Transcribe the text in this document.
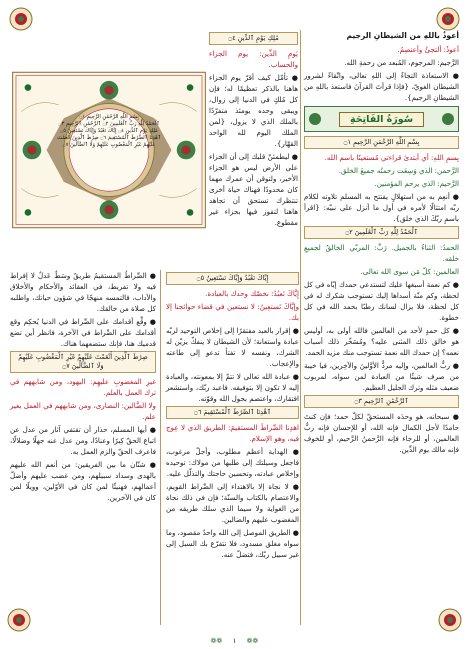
أعوذُ باللهِ من الشيطانِ الرجيم

أعوذُ: ألتجئُ وأعتصِمُ.

الرَّجيم: المرجوم، المُبعد من رحمةِ الله.

● الاستعاذة التجاءٌ إلى اللهِ تعالى، واتّقاءٌ لشرور الشيطان الغويّ، {فإذا قرأتَ القرآنَ فاستعذ باللهِ من الشيطانِ الرجيم}.

سُورَةُ الفَاتِحَةِ
بِسْمِ اللَّهِ الرَّحْمَنِ الرَّحِيمِ ۝١

بِسمِ اللهِ: أي أبتدئ قراءتي مُستعينًا باسم الله.

الرَّحمن: الذي وَسِعَت رحمتُه جميعَ الخلق.

الرَّحيم: الذي يرحم المؤمنين.

● أنعِم به من استهلالٍ يفتتح به المسلم تلاوته لكلام ربّه امتثالًا لأمره في أول ما أنزل على نبيّه: {اقرأ باسمِ ربّكَ الذي خلق}.

ٱلْحَمْدُ لِلَّهِ رَبِّ ٱلْعَٰلَمِينَ ۝٢

الحمدُ: الثناءُ بالجميل. رَبِّ: المربّي الخالقُ لجميعِ خلقه.

العالمين: كلّ مَن سوى الله تعالى.

● كم نعمة أسبغها عليك لتستدعي حمدك إيّاه في كل لحظة، وكم منّة أسداها إليك تستوجب شكرك له في كل لحظة، فلا يزال لسانك رطبًا بحمد الله في كل خطوة.

● كل حمدٍ لأحد من العالمين فالله أولى به، أوليس هو خالق ذلك المثنى عليه؟ ومُسَخّر ذلك أسباب نعمه؟ إن حمدك الله نعمة تستوجب منك مزيد الحمد.

● ربُّ العالمين، وإليه مردُّ الأوَّلينَ والآخِرين، فيا خيبة من صرف شيئًا من العبادة لمن سواه، لمربوب ضعيف مثله وترك الجليل العظيم.

ٱلرَّحْمَٰنِ ٱلرَّحِيمِ ۝٣

● سبحانه، هو وحدَه المستحقّ لكلّ حمد؛ فإن كنتَ حامدًا لأجل الكمال فإنه الله، أو للإحسان فإنه ربُّ العالمين، أو للرجاء فإنه الرَّحمنُ الرَّحيم، أو للخوف فإنه مالك يوم الدِّين.

بِسْمِ اللَّهِ الرَّحْمَٰنِ الرَّحِيمِ ۝١
ٱلْحَمْدُ لِلَّهِ رَبِّ ٱلْعَٰلَمِينَ ۝٢ ٱلرَّحْمَٰنِ ٱلرَّحِيمِ ۝٣
مَٰلِكِ يَوْمِ ٱلدِّينِ ۝٤ إِيَّاكَ نَعْبُدُ وَإِيَّاكَ نَسْتَعِينُ ۝٥
ٱهْدِنَا ٱلصِّرَٰطَ ٱلْمُسْتَقِيمَ ۝٦ صِرَٰطَ ٱلَّذِينَ أَنْعَمْتَ
عَلَيْهِمْ غَيْرِ ٱلْمَغْضُوبِ عَلَيْهِمْ وَلَا ٱلضَّآلِّينَ ۝٧
إِيَّاكَ نَعْبُدُ وَإِيَّاكَ نَسْتَعِينُ ۝٥

إِيَّاكَ نَعبُدُ: نخصّك وحدك بالعبادة.

وإيَّاكَ نَستعِينُ: لا نستعين في قضاء حوائجنا إلا بك.

● إقرار بالعبد مفتقرًا إلى إخلاص التوحيد لربّه عبادة واستعانة؛ لأن الشيطان لا ينفكّ يزيّن له الشرك، ونفسه لا تفتأ تدعو إلى طاعته والإعجاب.

● عبادة الله تعالى لا تتمّ إلا بمعونته، والعبادة إليه لا تكون إلا بتوفيقه. فاعبد ربّك، واستشعر افتقارك، واعتصم بحول الله وقوّته.

ٱهْدِنَا ٱلصِّرَٰطَ ٱلْمُسْتَقِيمَ ۝٦

اهدِنا الصِّراطَ المستقيمَ: الطريق الذي لا عِوج فيه، وهو الإسلام.

● الهداية أعظم مطلوب، وأجلّ مرغوب، فاجعل وسيلتك إلى طلبها من مولاك: توحيده وإخلاص عبادته، وتحسين حاجتك والتذلّل عليه.

● لا نجاة إلا بالاهتداء إلى الصِّراط القويم، والاعتصام بالكتاب والسنّة؛ فإن في ذلك نجاة من الغواية ولا سيما الذي سلك طريقه من المغضوب عليهم والضالين.

● الطريق الموصل إلى الله واحدٌ مقصود، وما سواه مغلق مسدود، فلا تتفرّع بك السبل إلى غير سبيل ربّك، فتضلّ عنه.

● الصِّراطُ المستقيمُ طريقٌ وسَطٌ عَدلٌ لا إفراط فيه ولا تفريط، في العقائد والأحكام والأخلاق والآداب، فالتمسه منهجًا في شؤون حياتك، واطلبه كل صلاة من خالقك.

● وقِّع أقدامك على الصِّراط في الدنيا يُحكِم وقع أقدامك على الصِّراط في الآخرة، فانظر أين تضع قدميك هنا، فإنك ستضعهما هناك.

صِرَٰطَ ٱلَّذِينَ أَنْعَمْتَ عَلَيْهِمْ غَيْرِ ٱلْمَغْضُوبِ عَلَيْهِمْ وَلَا ٱلضَّآلِّينَ ۝٧

غيرِ المغضوبِ عليهِم: اليهود، ومن شابههم في ترك العمل بالعلم.

ولا الضَّالين: النصارى، ومن شابههم في العمل بغير علم.

● أيها المسلم، حذار أن تقتفي آثار من عدل عن اتباع الحقّ كِبرًا وعنادًا، ومن عدل عنه جهلًا وضلالًا، فاعرف الحقّ والزم العمل به.

● شتّان ما بين الفريقين: من أنعم الله عليهم بالهدى وسداد سبيلهم، ومن غضب عليهم وأضلّ أعمالهم، فهنيئًا لمن كان في الأوّلين، وويلًا لمن كان في الآخرين.

❁❁ ١ ❁❁
مَٰلِكِ يَوْمِ ٱلدِّينِ ۝٤

يَومِ الدِّين: يوم الجزاء والحساب.

● تأمّل كيف أقرّ يوم الجزاء هاهنا بالذكر تعظيمًا له؛ فإن كل مُلكٍ في الدنيا إلى زوال، ويبقى وحده يومئذ متفرّدًا بالملك الذي لا يزول، {لمن الملك اليوم لله الواحد القهّار}.

● ليطمئنّ قلبك إلى أن الجزاء على الأرض ليس هو الجزاء الأخير، ولتوقن أن عمرك مهما كان محدودًا فهناك حياة أخرى تنتظرك تستحق أن تجاهد هاهنا لتفوز فيها بجزاء غير مقطوع.
